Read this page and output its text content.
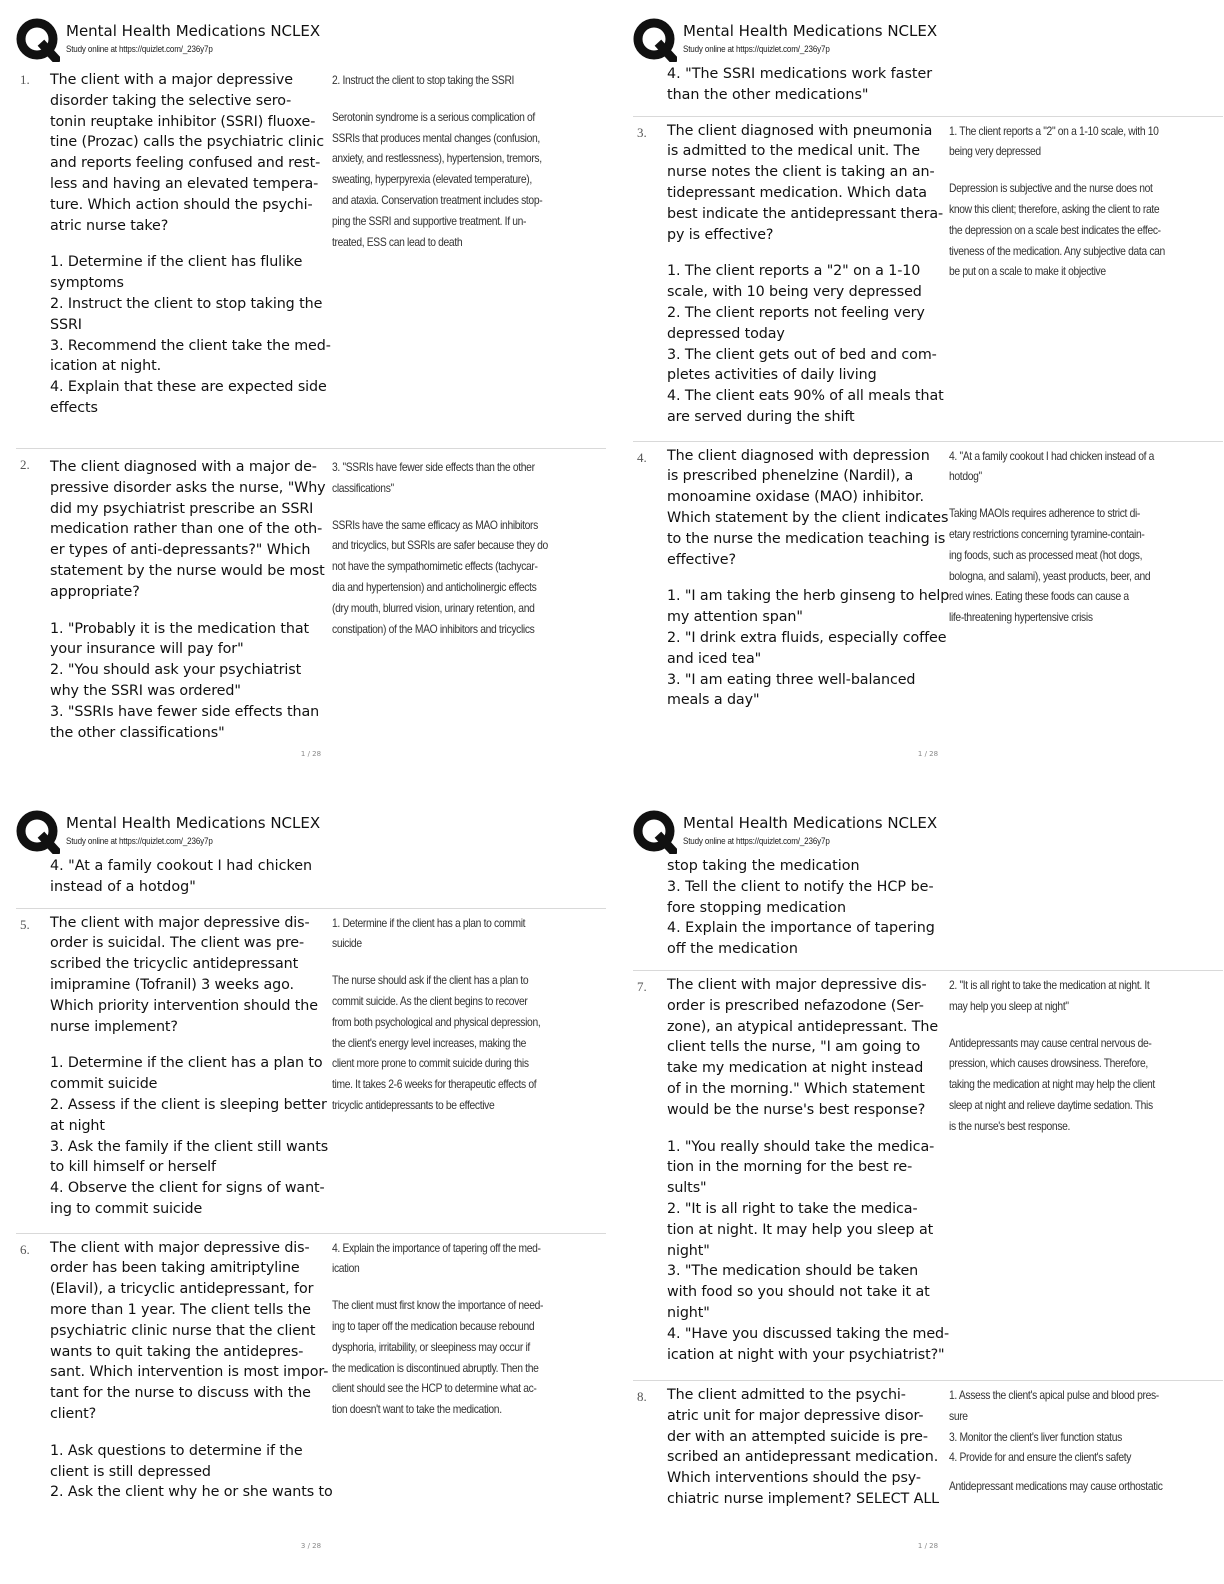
Mental Health Medications NCLEX
Study online at https://quizlet.com/_236y7p
1. The client with a major depressive
disorder taking the selective sero-
tonin reuptake inhibitor (SSRI) fluoxe-
tine (Prozac) calls the psychiatric clinic
and reports feeling confused and rest-
less and having an elevated tempera-
ture. Which action should the psychi-
atric nurse take?
1. Determine if the client has flulike
symptoms
2. Instruct the client to stop taking the
SSRI
3. Recommend the client take the med-
ication at night.
4. Explain that these are expected side
effects
2. Instruct the client to stop taking the SSRI
Serotonin syndrome is a serious complication of
SSRIs that produces mental changes (confusion,
anxiety, and restlessness), hypertension, tremors,
sweating, hyperpyrexia (elevated temperature),
and ataxia. Conservation treatment includes stop-
ping the SSRI and supportive treatment. If un-
treated, ESS can lead to death
2. The client diagnosed with a major de-
pressive disorder asks the nurse, "Why
did my psychiatrist prescribe an SSRI
medication rather than one of the oth-
er types of anti-depressants?" Which
statement by the nurse would be most
appropriate?
1. "Probably it is the medication that
your insurance will pay for"
2. "You should ask your psychiatrist
why the SSRI was ordered"
3. "SSRIs have fewer side effects than
the other classifications"
3. "SSRIs have fewer side effects than the other
classifications"
SSRIs have the same efficacy as MAO inhibitors
and tricyclics, but SSRIs are safer because they do
not have the sympathomimetic effects (tachycar-
dia and hypertension) and anticholinergic effects
(dry mouth, blurred vision, urinary retention, and
constipation) of the MAO inhibitors and tricyclics
1 / 28
Mental Health Medications NCLEX
Study online at https://quizlet.com/_236y7p
4. "The SSRI medications work faster
than the other medications"
3. The client diagnosed with pneumonia
is admitted to the medical unit. The
nurse notes the client is taking an an-
tidepressant medication. Which data
best indicate the antidepressant thera-
py is effective?
1. The client reports a "2" on a 1-10
scale, with 10 being very depressed
2. The client reports not feeling very
depressed today
3. The client gets out of bed and com-
pletes activities of daily living
4. The client eats 90% of all meals that
are served during the shift
1. The client reports a "2" on a 1-10 scale, with 10
being very depressed
Depression is subjective and the nurse does not
know this client; therefore, asking the client to rate
the depression on a scale best indicates the effec-
tiveness of the medication. Any subjective data can
be put on a scale to make it objective
4. The client diagnosed with depression
is prescribed phenelzine (Nardil), a
monoamine oxidase (MAO) inhibitor.
Which statement by the client indicates
to the nurse the medication teaching is
effective?
1. "I am taking the herb ginseng to help
my attention span"
2. "I drink extra fluids, especially coffee
and iced tea"
3. "I am eating three well-balanced
meals a day"
4. "At a family cookout I had chicken instead of a
hotdog"
Taking MAOIs requires adherence to strict di-
etary restrictions concerning tyramine-contain-
ing foods, such as processed meat (hot dogs,
bologna, and salami), yeast products, beer, and
red wines. Eating these foods can cause a
life-threatening hypertensive crisis
1 / 28
Mental Health Medications NCLEX
Study online at https://quizlet.com/_236y7p
4. "At a family cookout I had chicken
instead of a hotdog"
5. The client with major depressive dis-
order is suicidal. The client was pre-
scribed the tricyclic antidepressant
imipramine (Tofranil) 3 weeks ago.
Which priority intervention should the
nurse implement?
1. Determine if the client has a plan to
commit suicide
2. Assess if the client is sleeping better
at night
3. Ask the family if the client still wants
to kill himself or herself
4. Observe the client for signs of want-
ing to commit suicide
1. Determine if the client has a plan to commit
suicide
The nurse should ask if the client has a plan to
commit suicide. As the client begins to recover
from both psychological and physical depression,
the client's energy level increases, making the
client more prone to commit suicide during this
time. It takes 2-6 weeks for therapeutic effects of
tricyclic antidepressants to be effective
6. The client with major depressive dis-
order has been taking amitriptyline
(Elavil), a tricyclic antidepressant, for
more than 1 year. The client tells the
psychiatric clinic nurse that the client
wants to quit taking the antidepres-
sant. Which intervention is most impor-
tant for the nurse to discuss with the
client?
1. Ask questions to determine if the
client is still depressed
2. Ask the client why he or she wants to
4. Explain the importance of tapering off the med-
ication
The client must first know the importance of need-
ing to taper off the medication because rebound
dysphoria, irritability, or sleepiness may occur if
the medication is discontinued abruptly. Then the
client should see the HCP to determine what ac-
tion doesn't want to take the medication.
3 / 28
Mental Health Medications NCLEX
Study online at https://quizlet.com/_236y7p
stop taking the medication
3. Tell the client to notify the HCP be-
fore stopping medication
4. Explain the importance of tapering
off the medication
7. The client with major depressive dis-
order is prescribed nefazodone (Ser-
zone), an atypical antidepressant. The
client tells the nurse, "I am going to
take my medication at night instead
of in the morning." Which statement
would be the nurse's best response?
1. "You really should take the medica-
tion in the morning for the best re-
sults"
2. "It is all right to take the medica-
tion at night. It may help you sleep at
night"
3. "The medication should be taken
with food so you should not take it at
night"
4. "Have you discussed taking the med-
ication at night with your psychiatrist?"
2. "It is all right to take the medication at night. It
may help you sleep at night"
Antidepressants may cause central nervous de-
pression, which causes drowsiness. Therefore,
taking the medication at night may help the client
sleep at night and relieve daytime sedation. This
is the nurse's best response.
8. The client admitted to the psychi-
atric unit for major depressive disor-
der with an attempted suicide is pre-
scribed an antidepressant medication.
Which interventions should the psy-
chiatric nurse implement? SELECT ALL
1. Assess the client's apical pulse and blood pres-
sure
3. Monitor the client's liver function status
4. Provide for and ensure the client's safety
Antidepressant medications may cause orthostatic
1 / 28
